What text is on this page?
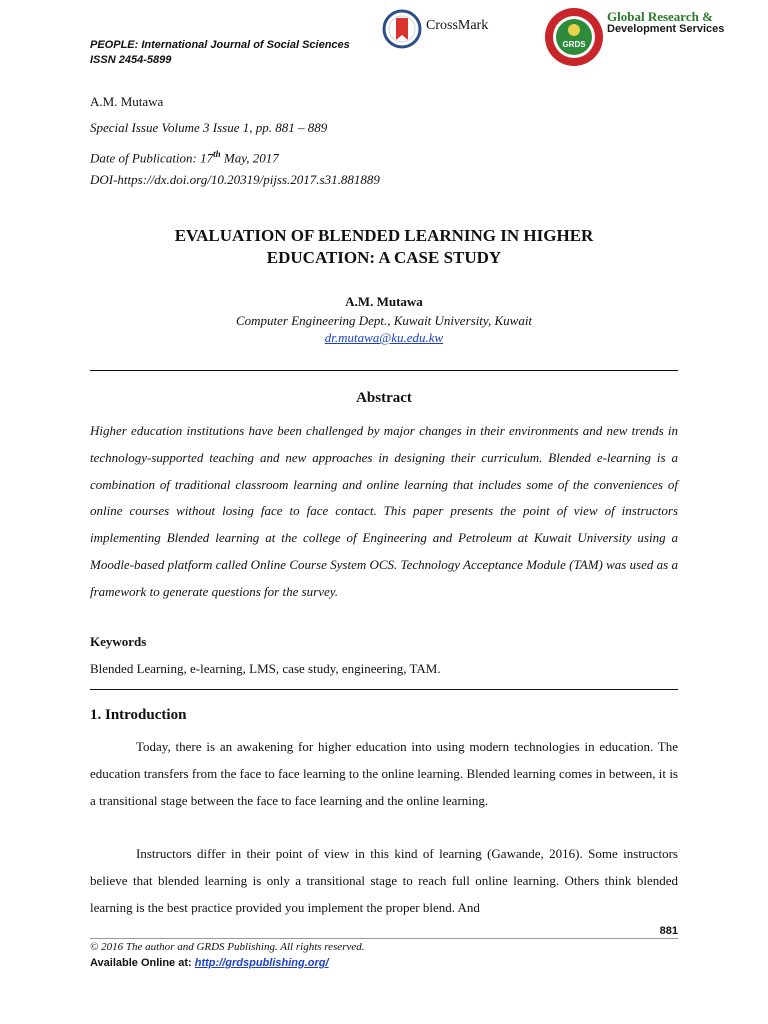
PEOPLE: International Journal of Social Sciences
ISSN 2454-5899
CrossMark
GRDS
Global Research &
Development Services
A.M. Mutawa
Special Issue Volume 3 Issue 1, pp. 881 – 889
Date of Publication: 17th May, 2017
DOI-https://dx.doi.org/10.20319/pijss.2017.s31.881889
EVALUATION OF BLENDED LEARNING IN HIGHER
EDUCATION: A CASE STUDY
A.M. Mutawa
Computer Engineering Dept., Kuwait University, Kuwait
dr.mutawa@ku.edu.kw
Abstract
Higher education institutions have been challenged by major changes in their environments and new trends in technology-supported teaching and new approaches in designing their curriculum. Blended e-learning is a combination of traditional classroom learning and online learning that includes some of the conveniences of online courses without losing face to face contact. This paper presents the point of view of instructors implementing Blended learning at the college of Engineering and Petroleum at Kuwait University using a Moodle-based platform called Online Course System OCS. Technology Acceptance Module (TAM) was used as a framework to generate questions for the survey.
Keywords
Blended Learning, e-learning, LMS, case study, engineering, TAM.
1. Introduction
Today, there is an awakening for higher education into using modern technologies in education. The education transfers from the face to face learning to the online learning. Blended learning comes in between, it is a transitional stage between the face to face learning and the online learning.
Instructors differ in their point of view in this kind of learning (Gawande, 2016). Some instructors believe that blended learning is only a transitional stage to reach full online learning. Others think blended learning is the best practice provided you implement the proper blend. And
881
© 2016 The author and GRDS Publishing. All rights reserved.
Available Online at: http://grdspublishing.org/
